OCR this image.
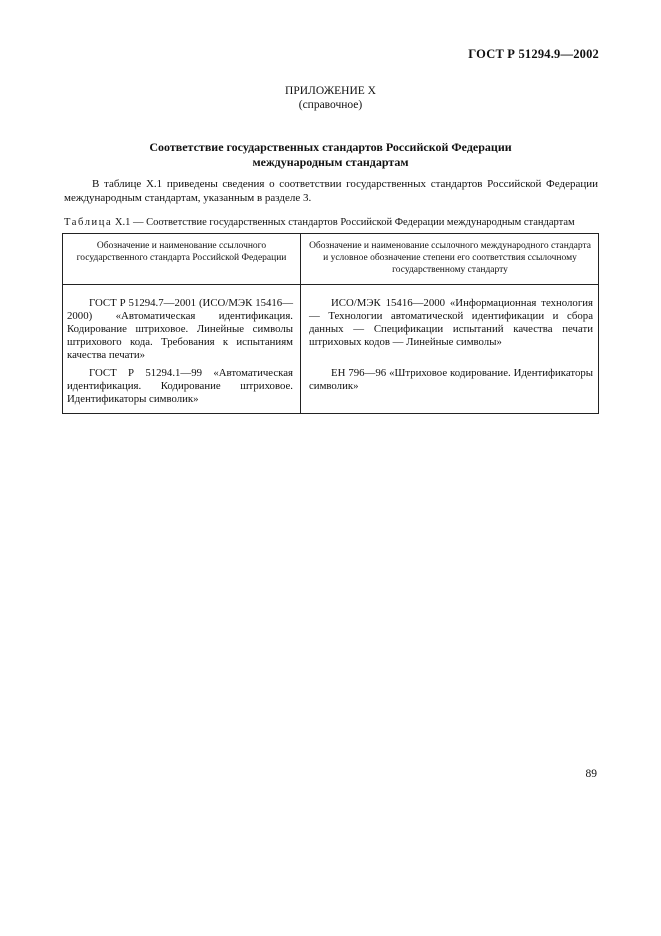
ГОСТ Р 51294.9—2002
ПРИЛОЖЕНИЕ Х
(справочное)
Соответствие государственных стандартов Российской Федерации
международным стандартам
В таблице Х.1 приведены сведения о соответствии государственных стандартов Российской Федерации международным стандартам, указанным в разделе 3.
Таблица Х.1 — Соответствие государственных стандартов Российской Федерации международным стандартам
Обозначение и наименование ссылочного государственного стандарта Российской Федерации
Обозначение и наименование ссылочного международного стандарта и условное обозначение степени его соответствия ссылочному государственному стандарту
ГОСТ Р 51294.7—2001 (ИСО/МЭК 15416—2000) «Автоматическая идентификация. Кодирование штриховое. Линейные символы штрихового кода. Требования к испытаниям качества печати»
ИСО/МЭК 15416—2000 «Информационная технология — Технологии автоматической идентификации и сбора данных — Спецификации испытаний качества печати штриховых кодов — Линейные символы»
ГОСТ Р 51294.1—99 «Автоматическая идентификация. Кодирование штриховое. Идентификаторы символик»
ЕН 796—96 «Штриховое кодирование. Идентификаторы символик»
89
